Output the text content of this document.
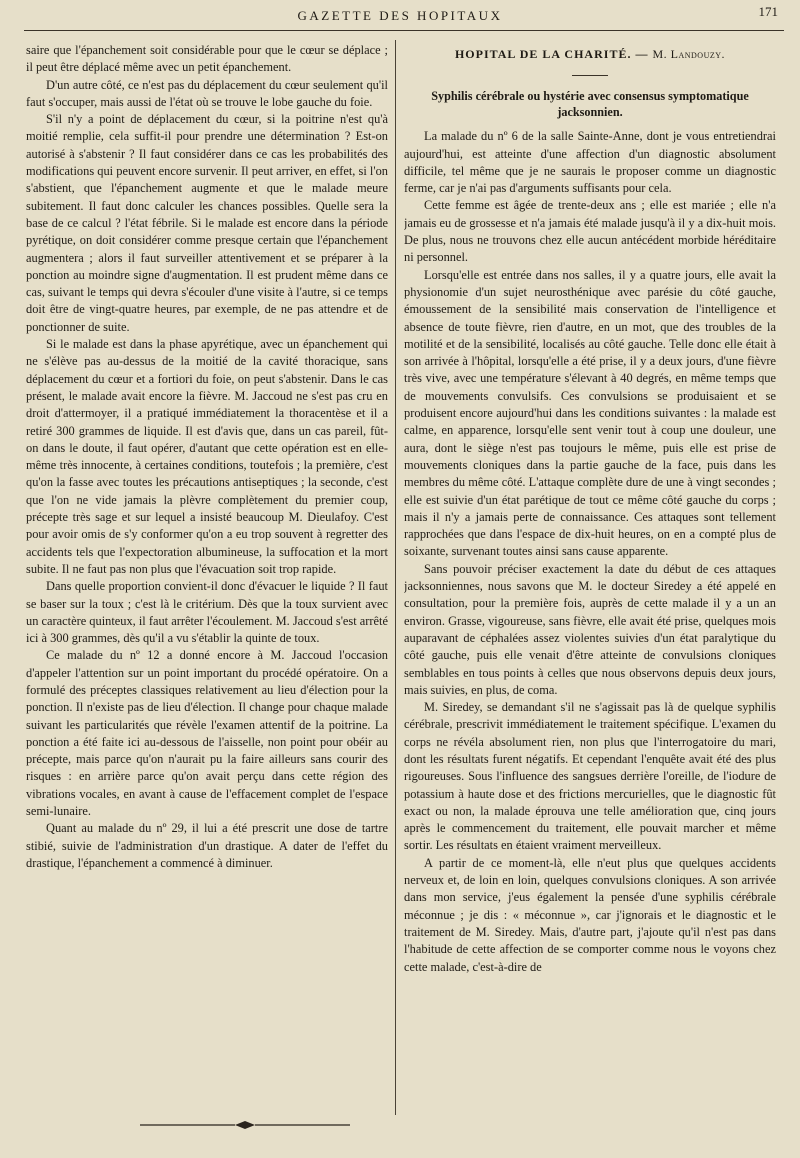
GAZETTE DES HOPITAUX	171

saire que l'épanchement soit considérable pour que le cœur se déplace ; il peut être déplacé même avec un petit épanchement.

D'un autre côté, ce n'est pas du déplacement du cœur seulement qu'il faut s'occuper, mais aussi de l'état où se trouve le lobe gauche du foie.

S'il n'y a point de déplacement du cœur, si la poitrine n'est qu'à moitié remplie, cela suffit-il pour prendre une détermination ? Est-on autorisé à s'abstenir ? Il faut considérer dans ce cas les probabilités des modifications qui peuvent encore survenir. Il peut arriver, en effet, si l'on s'abstient, que l'épanchement augmente et que le malade meure subitement. Il faut donc calculer les chances possibles. Quelle sera la base de ce calcul ? l'état fébrile. Si le malade est encore dans la période pyrétique, on doit considérer comme presque certain que l'épanchement augmentera ; alors il faut surveiller attentivement et se préparer à la ponction au moindre signe d'augmentation. Il est prudent même dans ce cas, suivant le temps qui devra s'écouler d'une visite à l'autre, si ce temps doit être de vingt-quatre heures, par exemple, de ne pas attendre et de ponctionner de suite.

Si le malade est dans la phase apyrétique, avec un épanchement qui ne s'élève pas au-dessus de la moitié de la cavité thoracique, sans déplacement du cœur et a fortiori du foie, on peut s'abstenir. Dans le cas présent, le malade avait encore la fièvre. M. Jaccoud ne s'est pas cru en droit d'attermoyer, il a pratiqué immédiatement la thoracentèse et il a retiré 300 grammes de liquide. Il est d'avis que, dans un cas pareil, fût-on dans le doute, il faut opérer, d'autant que cette opération est en elle-même très innocente, à certaines conditions, toutefois ; la première, c'est qu'on la fasse avec toutes les précautions antiseptiques ; la seconde, c'est que l'on ne vide jamais la plèvre complètement du premier coup, précepte très sage et sur lequel a insisté beaucoup M. Dieulafoy. C'est pour avoir omis de s'y conformer qu'on a eu trop souvent à regretter des accidents tels que l'expectoration albumineuse, la suffocation et la mort subite. Il ne faut pas non plus que l'évacuation soit trop rapide.

Dans quelle proportion convient-il donc d'évacuer le liquide ? Il faut se baser sur la toux ; c'est là le critérium. Dès que la toux survient avec un caractère quinteux, il faut arrêter l'écoulement. M. Jaccoud s'est arrêté ici à 300 grammes, dès qu'il a vu s'établir la quinte de toux.

Ce malade du nº 12 a donné encore à M. Jaccoud l'occasion d'appeler l'attention sur un point important du procédé opératoire. On a formulé des préceptes classiques relativement au lieu d'élection pour la ponction. Il n'existe pas de lieu d'élection. Il change pour chaque malade suivant les particularités que révèle l'examen attentif de la poitrine. La ponction a été faite ici au-dessous de l'aisselle, non point pour obéir au précepte, mais parce qu'on n'aurait pu la faire ailleurs sans courir des risques : en arrière parce qu'on avait perçu dans cette région des vibrations vocales, en avant à cause de l'effacement complet de l'espace semi-lunaire.

Quant au malade du nº 29, il lui a été prescrit une dose de tartre stibié, suivie de l'administration d'un drastique. A dater de l'effet du drastique, l'épanchement a commencé à diminuer.

HOPITAL DE LA CHARITÉ. — M. Landouzy.
Syphilis cérébrale ou hystérie avec consensus symptomatique jacksonnien.

La malade du nº 6 de la salle Sainte-Anne, dont je vous entretiendrai aujourd'hui, est atteinte d'une affection d'un diagnostic absolument difficile, tel même que je ne saurais le proposer comme un diagnostic ferme, car je n'ai pas d'arguments suffisants pour cela.

Cette femme est âgée de trente-deux ans ; elle est mariée ; elle n'a jamais eu de grossesse et n'a jamais été malade jusqu'à il y a dix-huit mois. De plus, nous ne trouvons chez elle aucun antécédent morbide héréditaire ni personnel.

Lorsqu'elle est entrée dans nos salles, il y a quatre jours, elle avait la physionomie d'un sujet neurosthénique avec parésie du côté gauche, émoussement de la sensibilité mais conservation de l'intelligence et absence de toute fièvre, rien d'autre, en un mot, que des troubles de la motilité et de la sensibilité, localisés au côté gauche. Telle donc elle était à son arrivée à l'hôpital, lorsqu'elle a été prise, il y a deux jours, d'une fièvre très vive, avec une température s'élevant à 40 degrés, en même temps que de mouvements convulsifs. Ces convulsions se produisaient et se produisent encore aujourd'hui dans les conditions suivantes : la malade est calme, en apparence, lorsqu'elle sent venir tout à coup une douleur, une aura, dont le siège n'est pas toujours le même, puis elle est prise de mouvements cloniques dans la partie gauche de la face, puis dans les membres du même côté. L'attaque complète dure de une à vingt secondes ; elle est suivie d'un état parétique de tout ce même côté gauche du corps ; mais il n'y a jamais perte de connaissance. Ces attaques sont tellement rapprochées que dans l'espace de dix-huit heures, on en a compté plus de soixante, survenant toutes ainsi sans cause apparente.

Sans pouvoir préciser exactement la date du début de ces attaques jacksonniennes, nous savons que M. le docteur Siredey a été appelé en consultation, pour la première fois, auprès de cette malade il y a un an environ. Grasse, vigoureuse, sans fièvre, elle avait été prise, quelques mois auparavant de céphalées assez violentes suivies d'un état paralytique du côté gauche, puis elle venait d'être atteinte de convulsions cloniques semblables en tous points à celles que nous observons depuis deux jours, mais suivies, en plus, de coma.

M. Siredey, se demandant s'il ne s'agissait pas là de quelque syphilis cérébrale, prescrivit immédiatement le traitement spécifique. L'examen du corps ne révéla absolument rien, non plus que l'interrogatoire du mari, dont les résultats furent négatifs. Et cependant l'enquête avait été des plus rigoureuses. Sous l'influence des sangsues derrière l'oreille, de l'iodure de potassium à haute dose et des frictions mercurielles, que le diagnostic fût exact ou non, la malade éprouva une telle amélioration que, cinq jours après le commencement du traitement, elle pouvait marcher et même sortir. Les résultats en étaient vraiment merveilleux.

A partir de ce moment-là, elle n'eut plus que quelques accidents nerveux et, de loin en loin, quelques convulsions cloniques. A son arrivée dans mon service, j'eus également la pensée d'une syphilis cérébrale méconnue ; je dis : « méconnue », car j'ignorais et le diagnostic et le traitement de M. Siredey. Mais, d'autre part, j'ajoute qu'il n'est pas dans l'habitude de cette affection de se comporter comme nous le voyons chez cette malade, c'est-à-dire de
